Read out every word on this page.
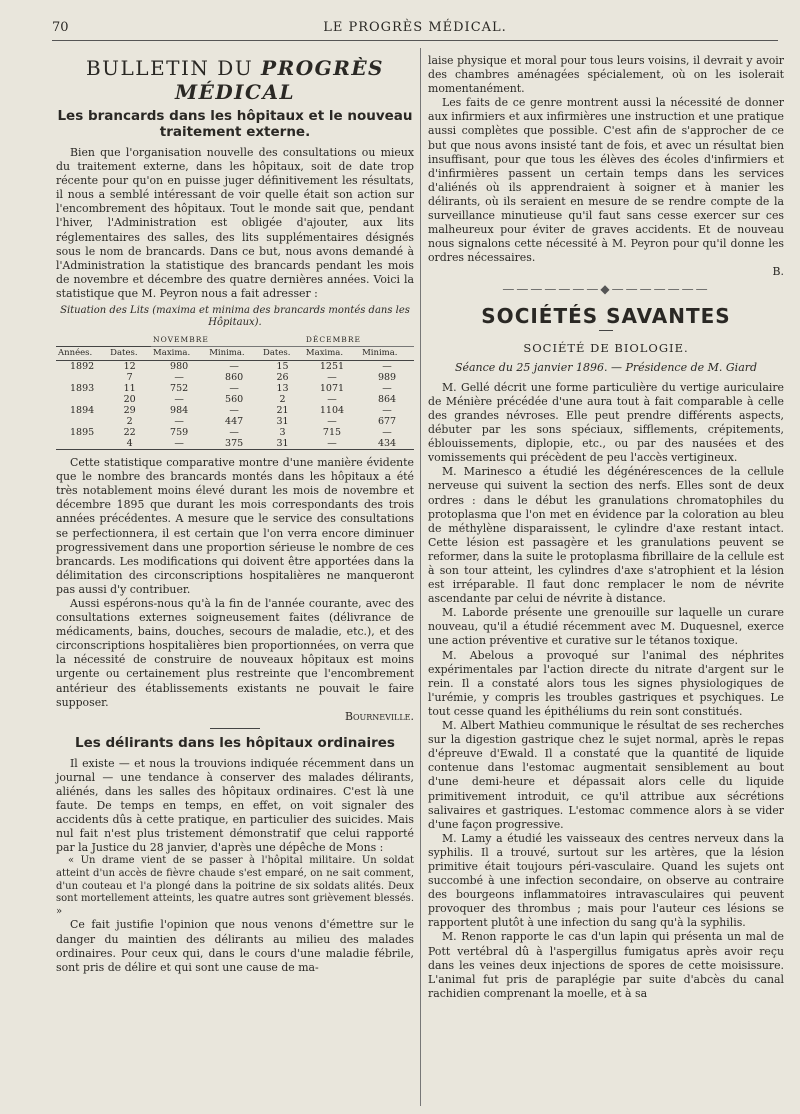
70	LE PROGRÈS MÉDICAL.
BULLETIN DU PROGRÈS MÉDICAL
Les brancards dans les hôpitaux et le nouveau traitement externe.

Bien que l'organisation nouvelle des consultations ou mieux du traitement externe, dans les hôpitaux, soit de date trop récente pour qu'on en puisse juger définitivement les résultats, il nous a semblé intéressant de voir quelle était son action sur l'encombrement des hôpitaux. Tout le monde sait que, pendant l'hiver, l'Administration est obligée d'ajouter, aux lits réglementaires des salles, des lits supplémentaires désignés sous le nom de brancards. Dans ce but, nous avons demandé à l'Administration la statistique des brancards pendant les mois de novembre et décembre des quatre dernières années. Voici la statistique que M. Peyron nous a fait adresser :

Situation des Lits (maxima et minima des brancards montés dans les Hôpitaux).
		NOVEMBRE			DÉCEMBRE	
Années.	Dates.	Maxima.	Minima.	Dates.	Maxima.	Minima.
1892	12	980	—	15	1251	—
	7	—	860	26	—	989
1893	11	752	—	13	1071	—
	20	—	560	2	—	864
1894	29	984	—	21	1104	—
	2	—	447	31	—	677
1895	22	759	—	3	715	—
	4	—	375	31	—	434

Cette statistique comparative montre d'une manière évidente que le nombre des brancards montés dans les hôpitaux a été très notablement moins élevé durant les mois de novembre et décembre 1895 que durant les mois correspondants des trois années précédentes. A mesure que le service des consultations se perfectionnera, il est certain que l'on verra encore diminuer progressivement dans une proportion sérieuse le nombre de ces brancards. Les modifications qui doivent être apportées dans la délimitation des circonscriptions hospitalières ne manqueront pas aussi d'y contribuer.

Aussi espérons-nous qu'à la fin de l'année courante, avec des consultations externes soigneusement faites (délivrance de médicaments, bains, douches, secours de maladie, etc.), et des circonscriptions hospitalières bien proportionnées, on verra que la nécessité de construire de nouveaux hôpitaux est moins urgente ou certainement plus restreinte que l'encombrement antérieur des établissements existants ne pouvait le faire supposer.

Bourneville.
Les délirants dans les hôpitaux ordinaires

Il existe — et nous la trouvions indiquée récemment dans un journal — une tendance à conserver des malades délirants, aliénés, dans les salles des hôpitaux ordinaires. C'est là une faute. De temps en temps, en effet, on voit signaler des accidents dûs à cette pratique, en particulier des suicides. Mais nul fait n'est plus tristement démonstratif que celui rapporté par la Justice du 28 janvier, d'après une dépêche de Mons :

« Un drame vient de se passer à l'hôpital militaire. Un soldat atteint d'un accès de fièvre chaude s'est emparé, on ne sait comment, d'un couteau et l'a plongé dans la poitrine de six soldats alités. Deux sont mortellement atteints, les quatre autres sont grièvement blessés. »

Ce fait justifie l'opinion que nous venons d'émettre sur le danger du maintien des délirants au milieu des malades ordinaires. Pour ceux qui, dans le cours d'une maladie fébrile, sont pris de délire et qui sont une cause de ma-

laise physique et moral pour tous leurs voisins, il devrait y avoir des chambres aménagées spécialement, où on les isolerait momentanément.

Les faits de ce genre montrent aussi la nécessité de donner aux infirmiers et aux infirmières une instruction et une pratique aussi complètes que possible. C'est afin de s'approcher de ce but que nous avons insisté tant de fois, et avec un résultat bien insuffisant, pour que tous les élèves des écoles d'infirmiers et d'infirmières passent un certain temps dans les services d'aliénés où ils apprendraient à soigner et à manier les délirants, où ils seraient en mesure de se rendre compte de la surveillance minutieuse qu'il faut sans cesse exercer sur ces malheureux pour éviter de graves accidents. Et de nouveau nous signalons cette nécessité à M. Peyron pour qu'il donne les ordres nécessaires.

B.
———————◆———————
SOCIÉTÉS SAVANTES
SOCIÉTÉ DE BIOLOGIE.
Séance du 25 janvier 1896. — Présidence de M. Giard

M. Gellé décrit une forme particulière du vertige auriculaire de Ménière précédée d'une aura tout à fait comparable à celle des grandes névroses. Elle peut prendre différents aspects, débuter par les sons spéciaux, sifflements, crépitements, éblouissements, diplopie, etc., ou par des nausées et des vomissements qui précèdent de peu l'accès vertigineux.

M. Marinesco a étudié les dégénérescences de la cellule nerveuse qui suivent la section des nerfs. Elles sont de deux ordres : dans le début les granulations chromatophiles du protoplasma que l'on met en évidence par la coloration au bleu de méthylène disparaissent, le cylindre d'axe restant intact. Cette lésion est passagère et les granulations peuvent se reformer, dans la suite le protoplasma fibrillaire de la cellule est à son tour atteint, les cylindres d'axe s'atrophient et la lésion est irréparable. Il faut donc remplacer le nom de névrite ascendante par celui de névrite à distance.

M. Laborde présente une grenouille sur laquelle un curare nouveau, qu'il a étudié récemment avec M. Duquesnel, exerce une action préventive et curative sur le tétanos toxique.

M. Abelous a provoqué sur l'animal des néphrites expérimentales par l'action directe du nitrate d'argent sur le rein. Il a constaté alors tous les signes physiologiques de l'urémie, y compris les troubles gastriques et psychiques. Le tout cesse quand les épithéliums du rein sont constitués.

M. Albert Mathieu communique le résultat de ses recherches sur la digestion gastrique chez le sujet normal, après le repas d'épreuve d'Ewald. Il a constaté que la quantité de liquide contenue dans l'estomac augmentait sensiblement au bout d'une demi-heure et dépassait alors celle du liquide primitivement introduit, ce qu'il attribue aux sécrétions salivaires et gastriques. L'estomac commence alors à se vider d'une façon progressive.

M. Lamy a étudié les vaisseaux des centres nerveux dans la syphilis. Il a trouvé, surtout sur les artères, que la lésion primitive était toujours péri-vasculaire. Quand les sujets ont succombé à une infection secondaire, on observe au contraire des bourgeons inflammatoires intravasculaires qui peuvent provoquer des thrombus ; mais pour l'auteur ces lésions se rapportent plutôt à une infection du sang qu'à la syphilis.

M. Renon rapporte le cas d'un lapin qui présenta un mal de Pott vertébral dû à l'aspergillus fumigatus après avoir reçu dans les veines deux injections de spores de cette moisissure. L'animal fut pris de paraplégie par suite d'abcès du canal rachidien comprenant la moelle, et à sa
